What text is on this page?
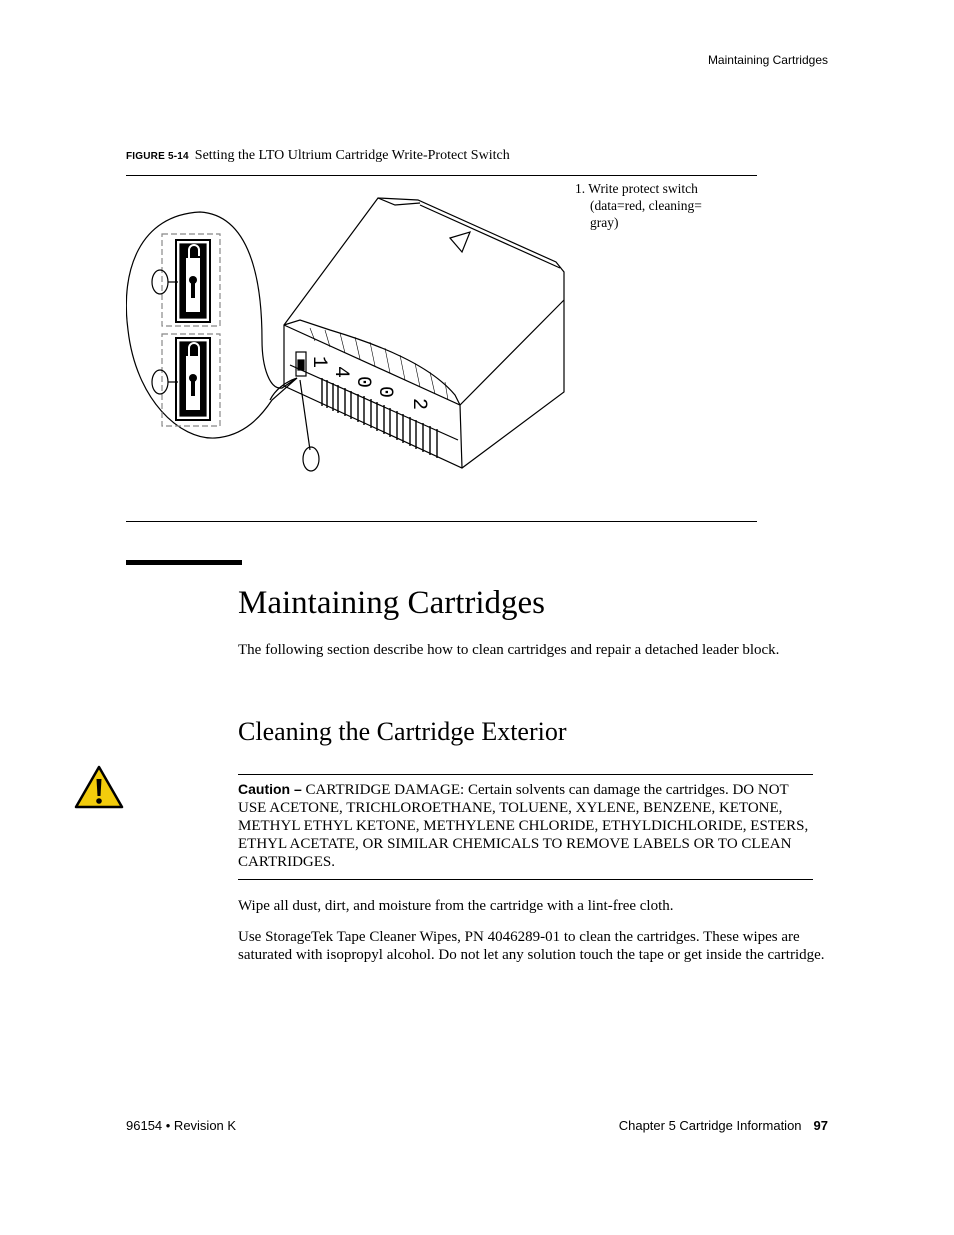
Maintaining Cartridges
FIGURE 5-14 Setting the LTO Ultrium Cartridge Write-Protect Switch
1
4
0
0
2
1. Write protect switch

(data=red, cleaning=
gray)
Maintaining Cartridges
The following section describe how to clean cartridges and repair a detached leader block.
Cleaning the Cartridge Exterior
Caution – CARTRIDGE DAMAGE: Certain solvents can damage the cartridges. DO NOT USE ACETONE, TRICHLOROETHANE, TOLUENE, XYLENE, BENZENE, KETONE, METHYL ETHYL KETONE, METHYLENE CHLORIDE, ETHYLDICHLORIDE, ESTERS, ETHYL ACETATE, OR SIMILAR CHEMICALS TO REMOVE LABELS OR TO CLEAN CARTRIDGES.
Wipe all dust, dirt, and moisture from the cartridge with a lint-free cloth.
Use StorageTek Tape Cleaner Wipes, PN 4046289-01 to clean the cartridges. These wipes are saturated with isopropyl alcohol. Do not let any solution touch the tape or get inside the cartridge.
96154 • Revision K	Chapter 5 Cartridge Information 97
